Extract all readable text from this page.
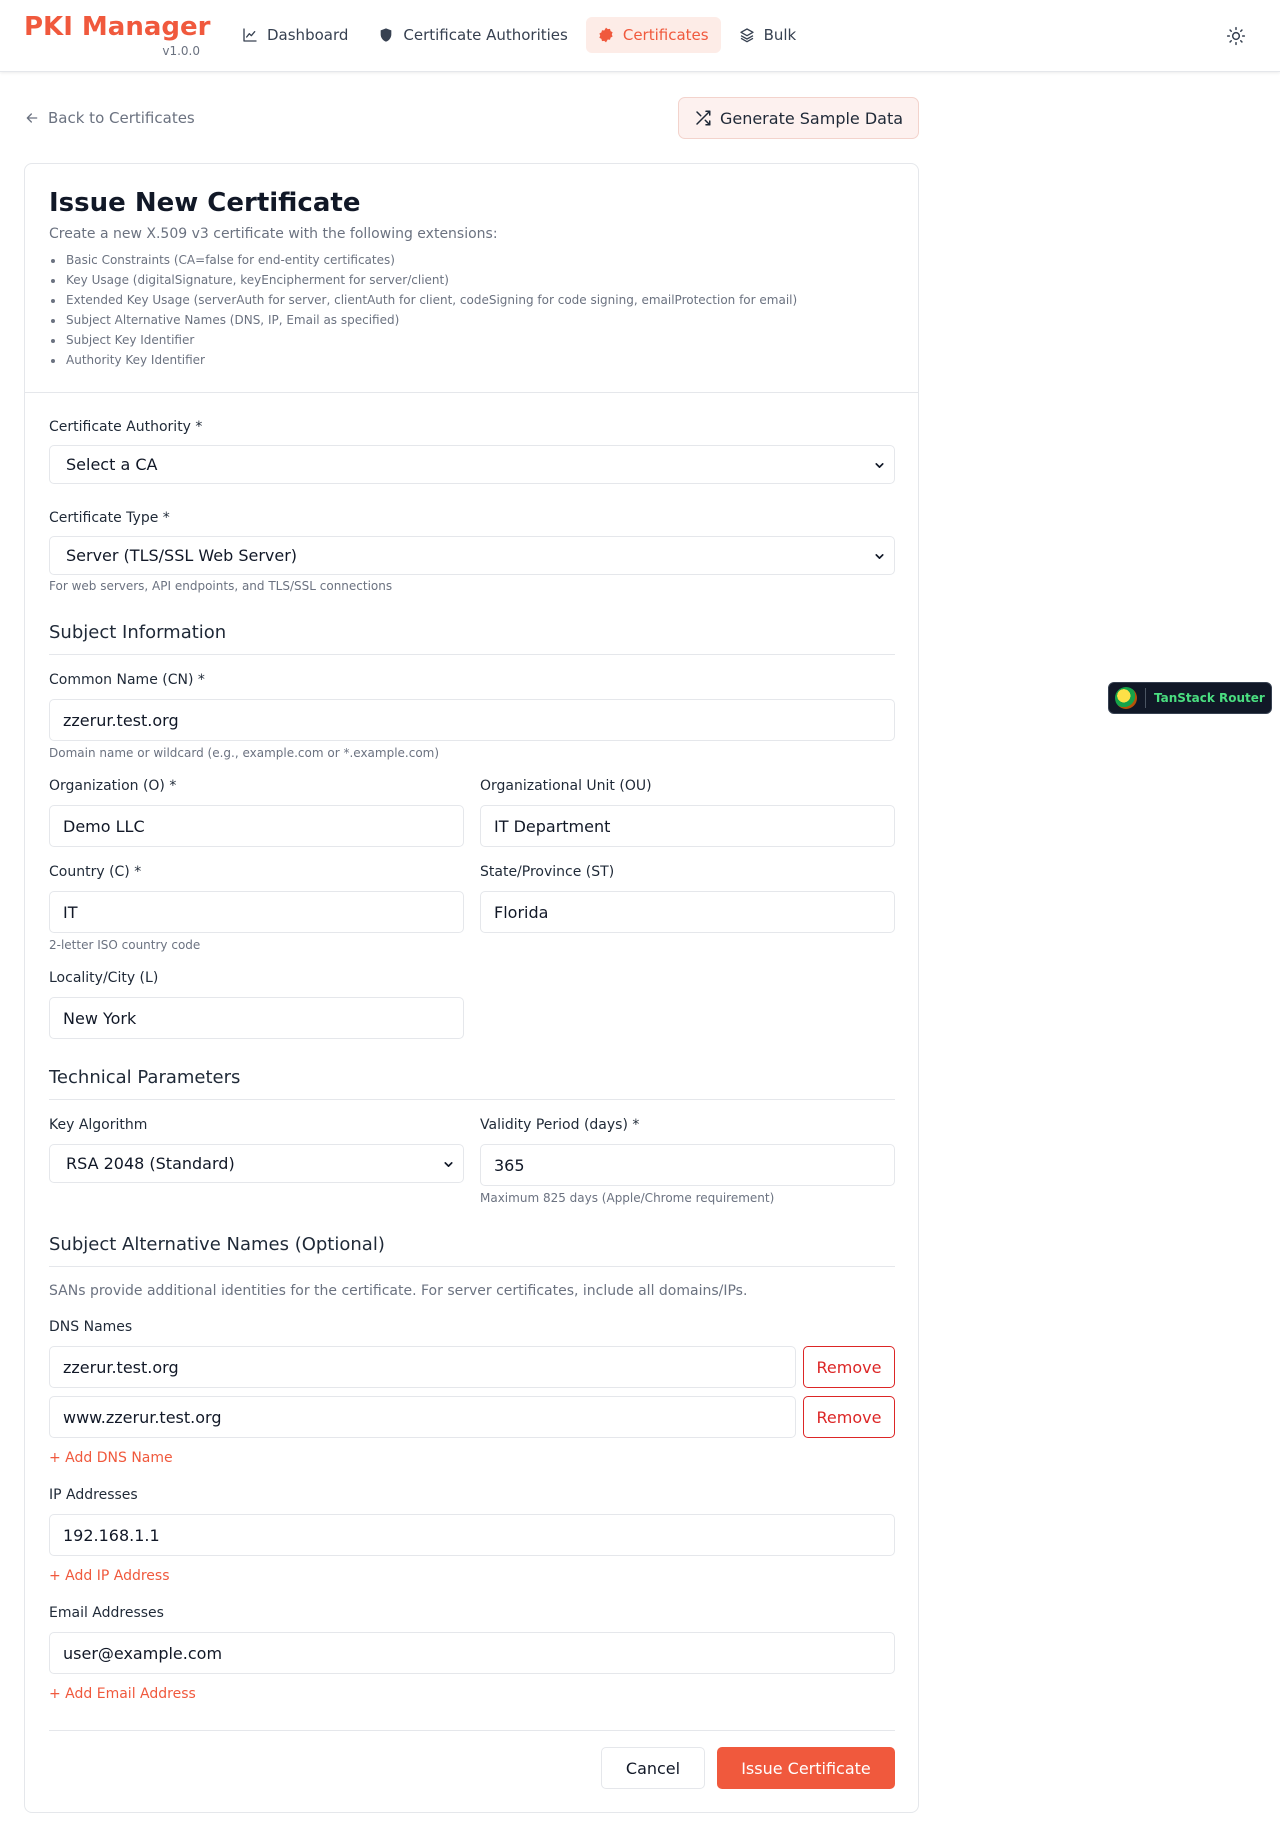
PKI Manager
v1.0.0
Dashboard	Certificate Authorities	Certificates	Bulk
Back to Certificates	Generate Sample Data
Issue New Certificate

Create a new X.509 v3 certificate with the following extensions:

Basic Constraints (CA=false for end-entity certificates)
Key Usage (digitalSignature, keyEncipherment for server/client)
Extended Key Usage (serverAuth for server, clientAuth for client, codeSigning for code signing, emailProtection for email)
Subject Alternative Names (DNS, IP, Email as specified)
Subject Key Identifier
Authority Key Identifier
Certificate Authority *
Select a CA
Certificate Type *
Server (TLS/SSL Web Server)
For web servers, API endpoints, and TLS/SSL connections
Subject Information
Common Name (CN) *
zzerur.test.org
Domain name or wildcard (e.g., example.com or *.example.com)
Organization (O) *
Demo LLC
Organizational Unit (OU)
IT Department
Country (C) *
IT
2-letter ISO country code
State/Province (ST)
Florida
Locality/City (L)
New York
Technical Parameters
Key Algorithm
RSA 2048 (Standard)
Validity Period (days) *
365
Maximum 825 days (Apple/Chrome requirement)
Subject Alternative Names (Optional)
SANs provide additional identities for the certificate. For server certificates, include all domains/IPs.
DNS Names
zzerur.test.org	Remove
www.zzerur.test.org	Remove
+ Add DNS Name
IP Addresses
192.168.1.1
+ Add IP Address
Email Addresses
user@example.com
+ Add Email Address
Cancel	Issue Certificate
TanStack Router
